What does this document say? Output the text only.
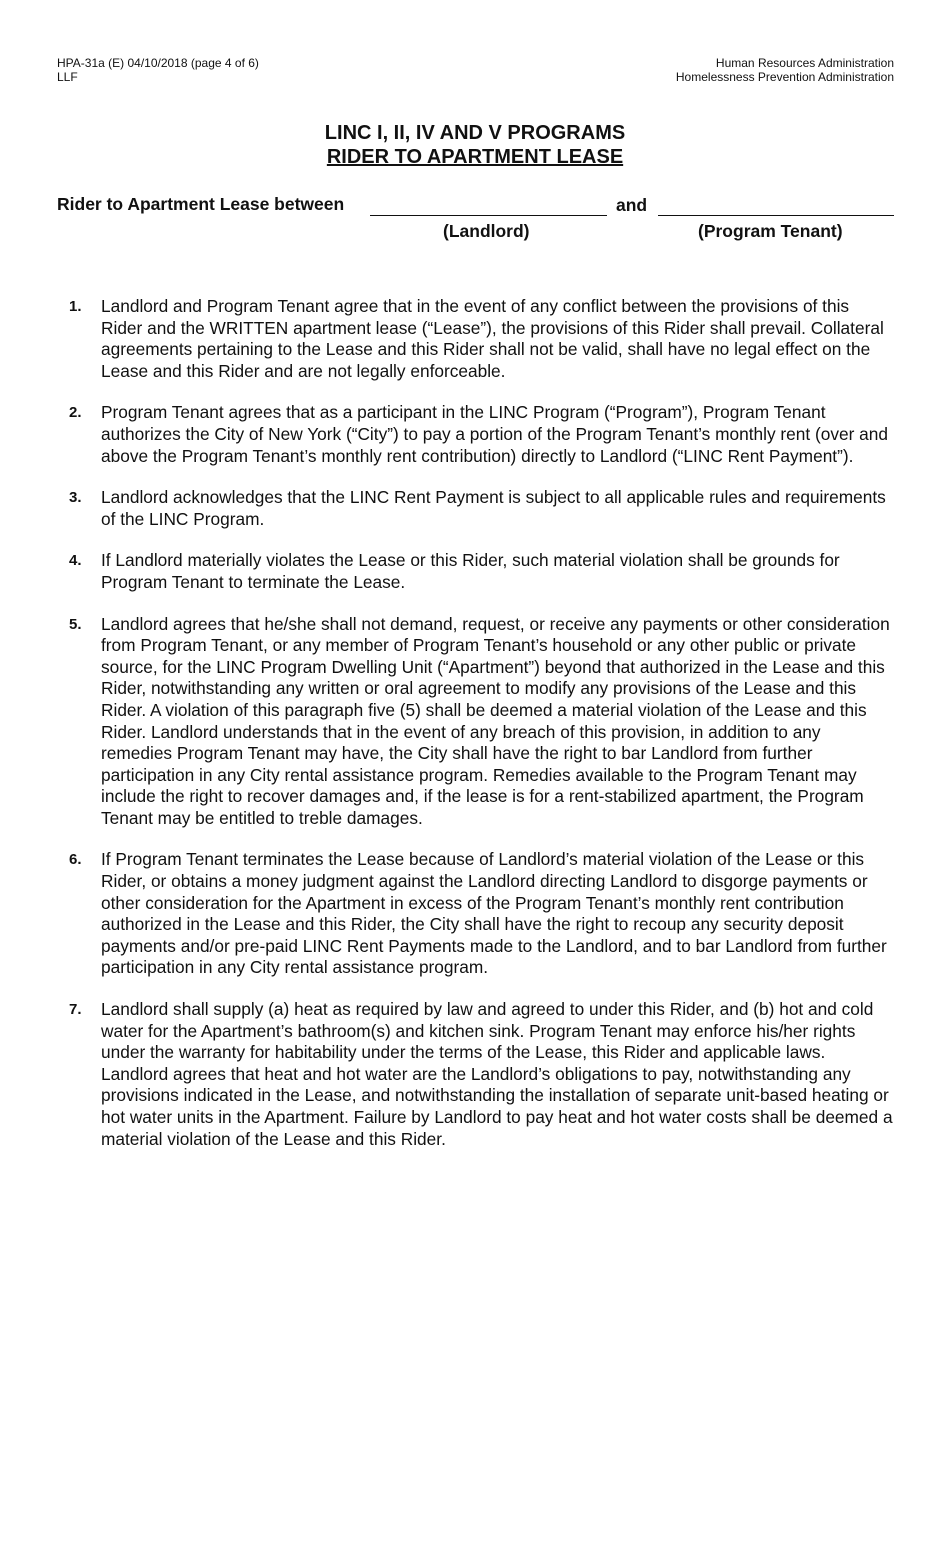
HPA-31a (E) 04/10/2018 (page 4 of 6)
LLF
Human Resources Administration
Homelessness Prevention Administration
LINC I, II, IV AND V PROGRAMS
RIDER TO APARTMENT LEASE
Rider to Apartment Lease between	and
(Landlord)	(Program Tenant)
1.	Landlord and Program Tenant agree that in the event of any conflict between the provisions of this Rider and the WRITTEN apartment lease (“Lease”), the provisions of this Rider shall prevail. Collateral agreements pertaining to the Lease and this Rider shall not be valid, shall have no legal effect on the Lease and this Rider and are not legally enforceable.
2.	Program Tenant agrees that as a participant in the LINC Program (“Program”), Program Tenant authorizes the City of New York (“City”) to pay a portion of the Program Tenant’s monthly rent (over and above the Program Tenant’s monthly rent contribution) directly to Landlord (“LINC Rent Payment”).
3.	Landlord acknowledges that the LINC Rent Payment is subject to all applicable rules and requirements of the LINC Program.
4.	If Landlord materially violates the Lease or this Rider, such material violation shall be grounds for Program Tenant to terminate the Lease.
5.	Landlord agrees that he/she shall not demand, request, or receive any payments or other consideration from Program Tenant, or any member of Program Tenant’s household or any other public or private source, for the LINC Program Dwelling Unit (“Apartment”) beyond that authorized in the Lease and this Rider, notwithstanding any written or oral agreement to modify any provisions of the Lease and this Rider. A violation of this paragraph five (5) shall be deemed a material violation of the Lease and this Rider. Landlord understands that in the event of any breach of this provision, in addition to any remedies Program Tenant may have, the City shall have the right to bar Landlord from further participation in any City rental assistance program. Remedies available to the Program Tenant may include the right to recover damages and, if the lease is for a rent-stabilized apartment, the Program Tenant may be entitled to treble damages.
6.	If Program Tenant terminates the Lease because of Landlord’s material violation of the Lease or this Rider, or obtains a money judgment against the Landlord directing Landlord to disgorge payments or other consideration for the Apartment in excess of the Program Tenant’s monthly rent contribution authorized in the Lease and this Rider, the City shall have the right to recoup any security deposit payments and/or pre-paid LINC Rent Payments made to the Landlord, and to bar Landlord from further participation in any City rental assistance program.
7.	Landlord shall supply (a) heat as required by law and agreed to under this Rider, and (b) hot and cold water for the Apartment’s bathroom(s) and kitchen sink. Program Tenant may enforce his/her rights under the warranty for habitability under the terms of the Lease, this Rider and applicable laws. Landlord agrees that heat and hot water are the Landlord’s obligations to pay, notwithstanding any provisions indicated in the Lease, and notwithstanding the installation of separate unit-based heating or hot water units in the Apartment. Failure by Landlord to pay heat and hot water costs shall be deemed a material violation of the Lease and this Rider.
